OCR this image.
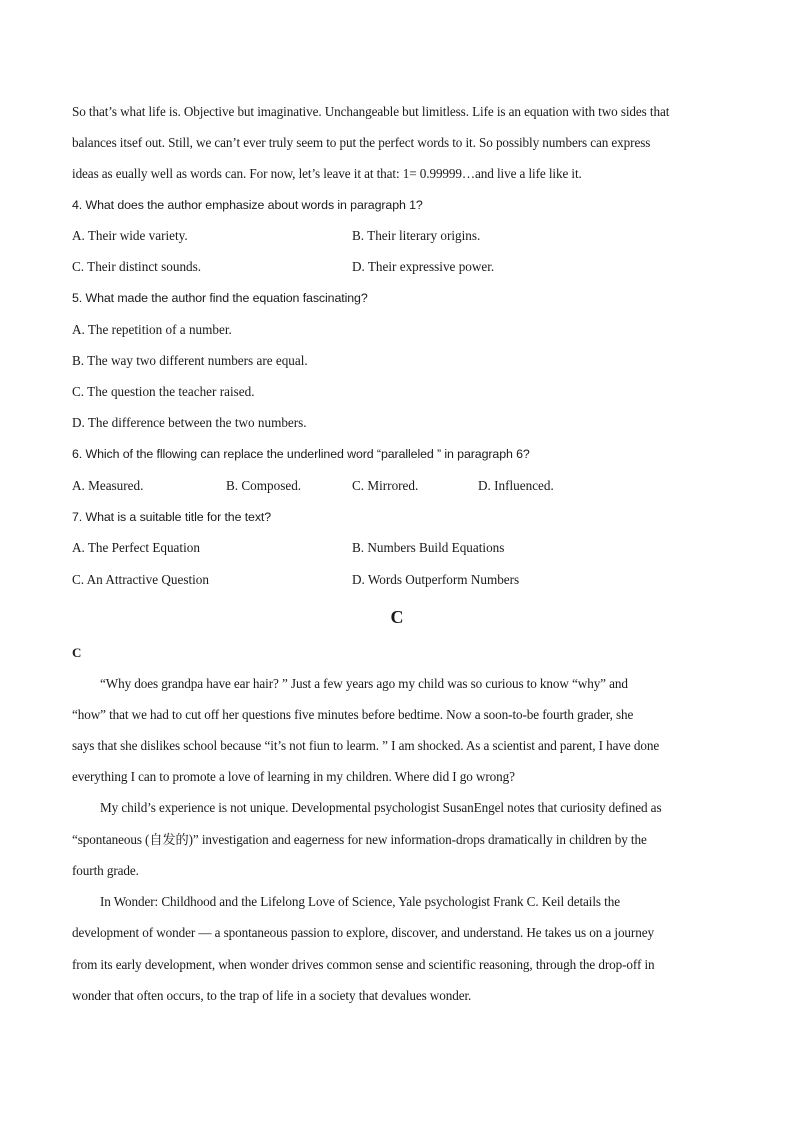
So that’s what life is. Objective but imaginative. Unchangeable but limitless. Life is an equation with two sides that
balances itsef out. Still, we can’t ever truly seem to put the perfect words to it. So possibly numbers can express
ideas as eually well as words can. For now, let’s leave it at that: 1= 0.99999…and live a life like it.
4. What does the author emphasize about words in paragraph 1?
A. Their wide variety.	B. Their literary origins.
C. Their distinct sounds.	D. Their expressive power.
5. What made the author find the equation fascinating?
A. The repetition of a number.
B. The way two different numbers are equal.
C. The question the teacher raised.
D. The difference between the two numbers.
6. Which of the fllowing can replace the underlined word “paralleled ” in paragraph 6?
A. Measured.	B. Composed.	C. Mirrored.	D. Influenced.
7. What is a suitable title for the text?
A. The Perfect Equation	B. Numbers Build Equations
C. An Attractive Question	D. Words Outperform Numbers
C
C
“Why does grandpa have ear hair? ” Just a few years ago my child was so curious to know “why” and
“how” that we had to cut off her questions five minutes before bedtime. Now a soon-to-be fourth grader, she
says that she dislikes school because “it’s not fiun to learm. ” I am shocked. As a scientist and parent, I have done
everything I can to promote a love of learning in my children. Where did I go wrong?
My child’s experience is not unique. Developmental psychologist SusanEngel notes that curiosity defined as
“spontaneous (自发的)” investigation and eagerness for new information-drops dramatically in children by the
fourth grade.
In Wonder: Childhood and the Lifelong Love of Science, Yale psychologist Frank C. Keil details the
development of wonder — a spontaneous passion to explore, discover, and understand. He takes us on a journey
from its early development, when wonder drives common sense and scientific reasoning, through the drop-off in
wonder that often occurs, to the trap of life in a society that devalues wonder.
